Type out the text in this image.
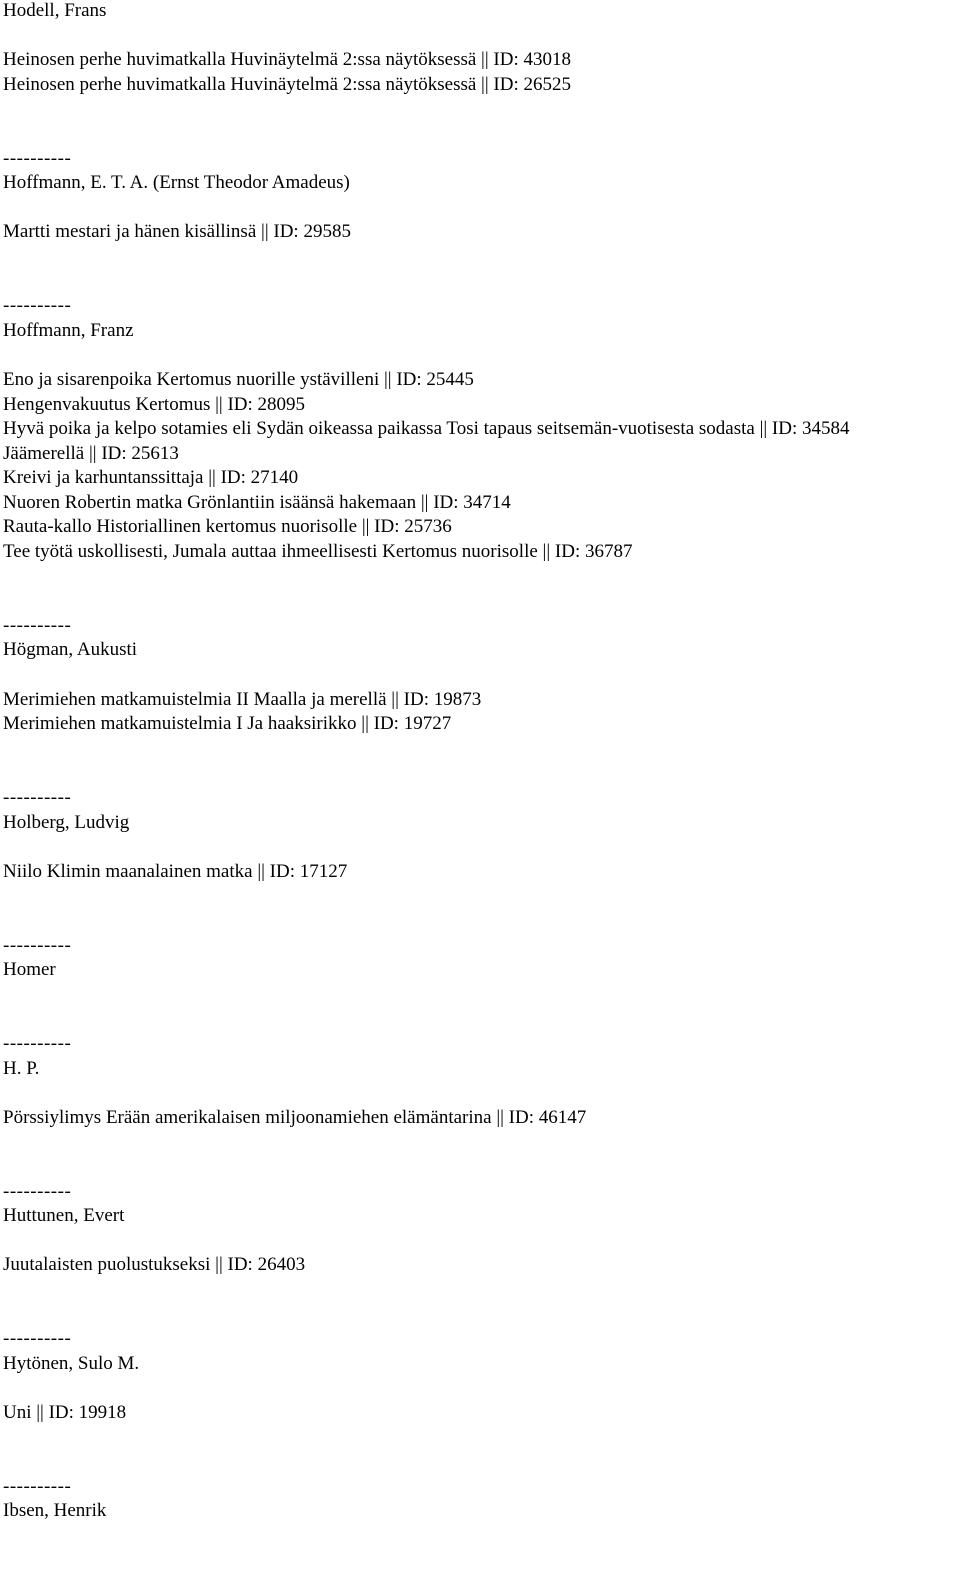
Hodell, Frans
Heinosen perhe huvimatkalla Huvinäytelmä 2:ssa näytöksessä || ID: 43018
Heinosen perhe huvimatkalla Huvinäytelmä 2:ssa näytöksessä || ID: 26525
----------
Hoffmann, E. T. A. (Ernst Theodor Amadeus)
Martti mestari ja hänen kisällinsä || ID: 29585
----------
Hoffmann, Franz
Eno ja sisarenpoika Kertomus nuorille ystävilleni || ID: 25445
Hengenvakuutus Kertomus || ID: 28095
Hyvä poika ja kelpo sotamies eli Sydän oikeassa paikassa Tosi tapaus seitsemän-vuotisesta sodasta || ID: 34584
Jäämerellä || ID: 25613
Kreivi ja karhuntanssittaja || ID: 27140
Nuoren Robertin matka Grönlantiin isäänsä hakemaan || ID: 34714
Rauta-kallo Historiallinen kertomus nuorisolle || ID: 25736
Tee työtä uskollisesti, Jumala auttaa ihmeellisesti Kertomus nuorisolle || ID: 36787
----------
Högman, Aukusti
Merimiehen matkamuistelmia II Maalla ja merellä || ID: 19873
Merimiehen matkamuistelmia I Ja haaksirikko || ID: 19727
----------
Holberg, Ludvig
Niilo Klimin maanalainen matka || ID: 17127
----------
Homer
----------
H. P.
Pörssiylimys Erään amerikalaisen miljoonamiehen elämäntarina || ID: 46147
----------
Huttunen, Evert
Juutalaisten puolustukseksi || ID: 26403
----------
Hytönen, Sulo M.
Uni || ID: 19918
----------
Ibsen, Henrik
